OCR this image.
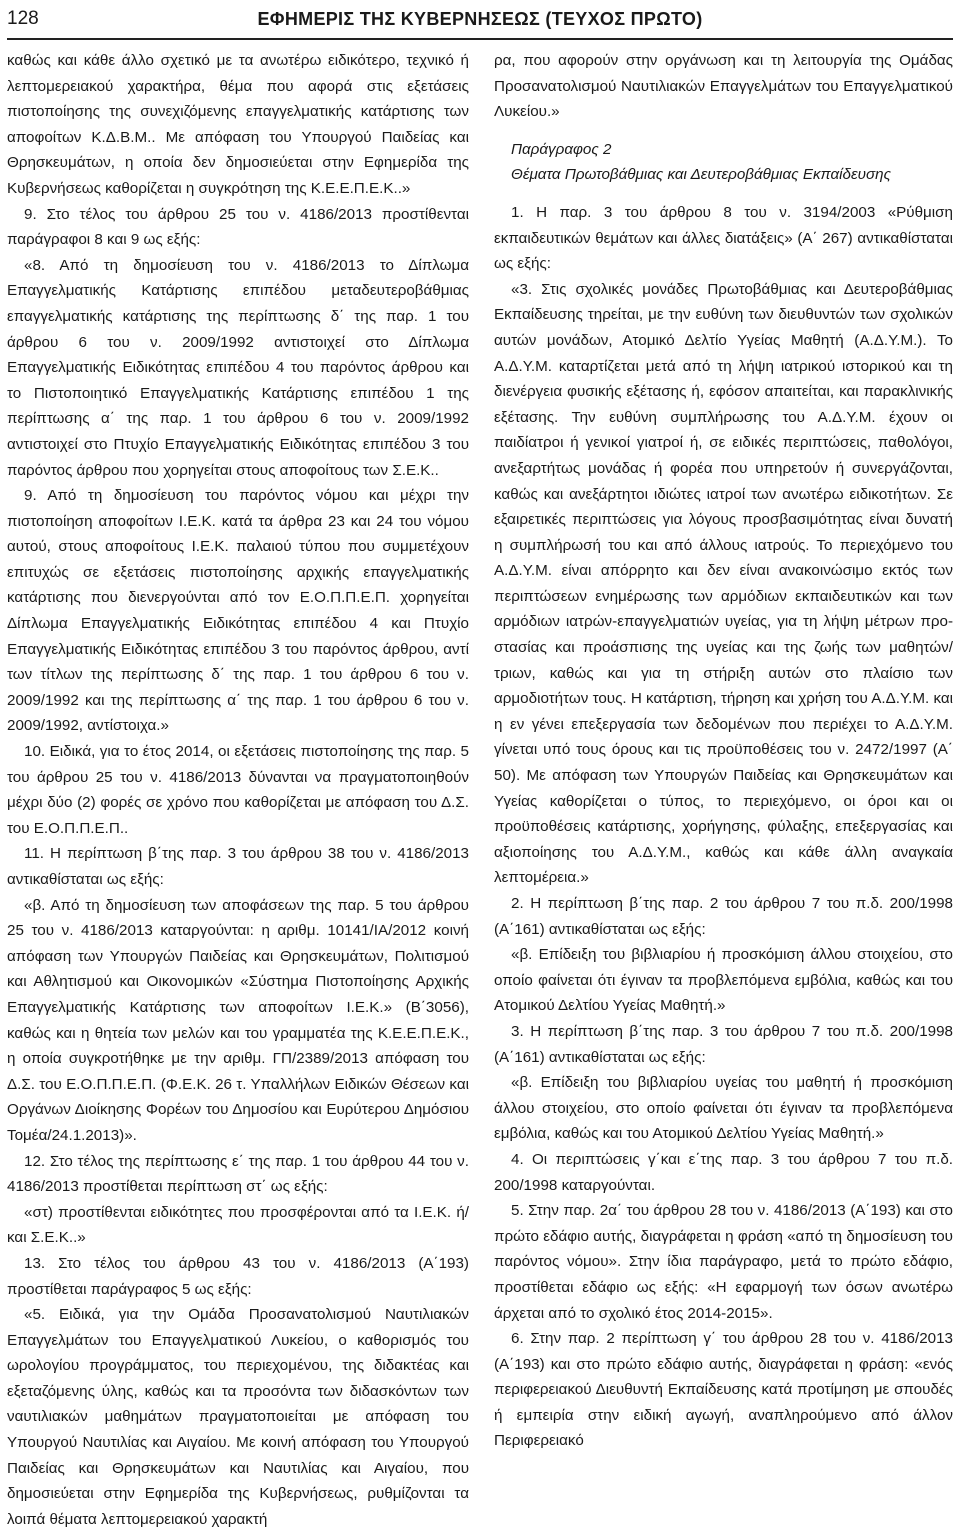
128	ΕΦΗΜΕΡΙΣ ΤΗΣ ΚΥΒΕΡΝΗΣΕΩΣ (ΤΕΥΧΟΣ ΠΡΩΤΟ)

καθώς και κάθε άλλο σχετικό με τα ανωτέρω ειδικότερο, τεχνικό ή λεπτομερειακού χαρακτήρα, θέμα που αφορά στις εξετάσεις πιστοποίησης της συνεχιζόμενης επαγγελματικής κατάρτισης των αποφοίτων Κ.Δ.Β.Μ.. Με απόφαση του Υπουργού Παιδείας και Θρησκευμάτων, η οποία δεν δημοσιεύεται στην Εφημερίδα της Κυβερνήσεως καθορίζεται η συγκρότηση της Κ.Ε.Ε.Π.Ε.Κ..»

9. Στο τέλος του άρθρου 25 του ν. 4186/2013 προστίθενται παράγραφοι 8 και 9 ως εξής:

«8. Από τη δημοσίευση του ν. 4186/2013 το Δίπλωμα Επαγγελματικής Κατάρτισης επιπέδου μεταδευτεροβάθμιας επαγγελματικής κατάρτισης της περίπτωσης δ΄ της παρ. 1 του άρθρου 6 του ν. 2009/1992 αντιστοιχεί στο Δίπλωμα Επαγγελματικής Ειδικότητας επιπέδου 4 του παρόντος άρθρου και το Πιστοποιητικό Επαγγελματικής Κατάρτισης επιπέδου 1 της περίπτωσης α΄ της παρ. 1 του άρθρου 6 του ν. 2009/1992 αντιστοιχεί στο Πτυχίο Επαγγελματικής Ειδικότητας επιπέδου 3 του παρόντος άρθρου που χορηγείται στους αποφοίτους των Σ.Ε.Κ..

9. Από τη δημοσίευση του παρόντος νόμου και μέχρι την πιστοποίηση αποφοίτων Ι.Ε.Κ. κατά τα άρθρα 23 και 24 του νόμου αυτού, στους αποφοίτους Ι.Ε.Κ. παλαιού τύπου που συμμετέχουν επιτυχώς σε εξετάσεις πιστοποίησης αρχικής επαγγελματικής κατάρτισης που διενεργούνται από τον Ε.Ο.Π.Π.Ε.Π. χορηγείται Δίπλωμα Επαγγελματικής Ειδικότητας επιπέδου 4 και Πτυχίο Επαγγελματικής Ειδικότητας επιπέδου 3 του παρόντος άρθρου, αντί των τίτλων της περίπτωσης δ΄ της παρ. 1 του άρθρου 6 του ν. 2009/1992 και της περίπτωσης α΄ της παρ. 1 του άρθρου 6 του ν. 2009/1992, αντίστοιχα.»

10. Ειδικά, για το έτος 2014, οι εξετάσεις πιστοποίησης της παρ. 5 του άρθρου 25 του ν. 4186/2013 δύνανται να πραγματοποιηθούν μέχρι δύο (2) φορές σε χρόνο που καθορίζεται με απόφαση του Δ.Σ. του Ε.Ο.Π.Π.Ε.Π..

11. Η περίπτωση β΄της παρ. 3 του άρθρου 38 του ν. 4186/2013 αντικαθίσταται ως εξής:

«β. Από τη δημοσίευση των αποφάσεων της παρ. 5 του άρθρου 25 του ν. 4186/2013 καταργούνται: η αριθμ. 10141/ΙΑ/2012 κοινή απόφαση των Υπουργών Παιδείας και Θρησκευμάτων, Πολιτισμού και Αθλητισμού και Οικονομικών «Σύστημα Πιστοποίησης Αρχικής Επαγγελματικής Κατάρτισης των αποφοίτων Ι.Ε.Κ.» (Β΄3056), καθώς και η θητεία των μελών και του γραμματέα της Κ.Ε.Ε.Π.Ε.Κ., η οποία συγκροτήθηκε με την αριθμ. ΓΠ/2389/2013 απόφαση του Δ.Σ. του Ε.Ο.Π.Π.Ε.Π. (Φ.Ε.Κ. 26 τ. Υπαλλήλων Ειδικών Θέσεων και Οργάνων Διοίκησης Φορέων του Δημοσίου και Ευρύτερου Δημόσιου Τομέα/24.1.2013)».

12. Στο τέλος της περίπτωσης ε΄ της παρ. 1 του άρθρου 44 του ν. 4186/2013 προστίθεται περίπτωση στ΄ ως εξής:

«στ) προστίθενται ειδικότητες που προσφέρονται από τα Ι.Ε.Κ. ή/και Σ.Ε.Κ..»

13. Στο τέλος του άρθρου 43 του ν. 4186/2013 (Α΄193) προστίθεται παράγραφος 5 ως εξής:

«5. Ειδικά, για την Ομάδα Προσανατολισμού Ναυτιλιακών Επαγγελμάτων του Επαγγελματικού Λυκείου, ο καθορισμός του ωρολογίου προγράμματος, του περιεχομένου, της διδακτέας και εξεταζόμενης ύλης, καθώς και τα προσόντα των διδασκόντων των ναυτιλιακών μαθημάτων πραγματοποιείται με απόφαση του Υπουργού Ναυτιλίας και Αιγαίου. Με κοινή απόφαση του Υπουργού Παιδείας και Θρησκευμάτων και Ναυτιλίας και Αιγαίου, που δημοσιεύεται στην Εφημερίδα της Κυβερνήσεως, ρυθμίζονται τα λοιπά θέματα λεπτομερειακού χαρακτή

ρα, που αφορούν στην οργάνωση και τη λειτουργία της Ομάδας Προσανατολισμού Ναυτιλιακών Επαγγελμάτων του Επαγγελματικού Λυκείου.»

Παράγραφος 2

Θέματα Πρωτοβάθμιας και Δευτεροβάθμιας Εκπαίδευσης

1. Η παρ. 3 του άρθρου 8 του ν. 3194/2003 «Ρύθμιση εκπαιδευτικών θεμάτων και άλλες διατάξεις» (Α΄ 267) αντικαθίσταται ως εξής:

«3. Στις σχολικές μονάδες Πρωτοβάθμιας και Δευτεροβάθμιας Εκπαίδευσης τηρείται, με την ευθύνη των διευθυντών των σχολικών αυτών μονάδων, Ατομικό Δελτίο Υγείας Μαθητή (Α.Δ.Υ.Μ.). Το Α.Δ.Υ.Μ. καταρτίζεται μετά από τη λήψη ιατρικού ιστορικού και τη διενέργεια φυσικής εξέτασης ή, εφόσον απαιτείται, και παρακλινικής εξέτασης. Την ευθύνη συμπλήρωσης του Α.Δ.Υ.Μ. έχουν οι παιδίατροι ή γενικοί γιατροί ή, σε ειδικές περιπτώσεις, παθολόγοι, ανεξαρτήτως μονάδας ή φορέα που υπηρετούν ή συνεργάζονται, καθώς και ανεξάρτητοι ιδιώτες ιατροί των ανωτέρω ειδικοτήτων. Σε εξαιρετικές περιπτώσεις για λόγους προσβασιμότητας είναι δυνατή η συμπλήρωσή του και από άλλους ιατρούς. Το περιεχόμενο του Α.Δ.Υ.Μ. είναι απόρρητο και δεν είναι ανακοινώσιμο εκτός των περιπτώσεων ενημέρωσης των αρμόδιων εκπαιδευτικών και των αρμόδιων ιατρών-επαγγελματιών υγείας, για τη λήψη μέτρων προστασίας και προάσπισης της υγείας και της ζωής των μαθητών/τριων, καθώς και για τη στήριξη αυτών στο πλαίσιο των αρμοδιοτήτων τους. Η κατάρτιση, τήρηση και χρήση του Α.Δ.Υ.Μ. και η εν γένει επεξεργασία των δεδομένων που περιέχει το Α.Δ.Υ.Μ. γίνεται υπό τους όρους και τις προϋποθέσεις του ν. 2472/1997 (Α΄ 50). Με απόφαση των Υπουργών Παιδείας και Θρησκευμάτων και Υγείας καθορίζεται ο τύπος, το περιεχόμενο, οι όροι και οι προϋποθέσεις κατάρτισης, χορήγησης, φύλαξης, επεξεργασίας και αξιοποίησης του Α.Δ.Υ.Μ., καθώς και κάθε άλλη αναγκαία λεπτομέρεια.»

2. Η περίπτωση β΄της παρ. 2 του άρθρου 7 του π.δ. 200/1998 (Α΄161) αντικαθίσταται ως εξής:

«β. Επίδειξη του βιβλιαρίου ή προσκόμιση άλλου στοιχείου, στο οποίο φαίνεται ότι έγιναν τα προβλεπόμενα εμβόλια, καθώς και του Ατομικού Δελτίου Υγείας Μαθητή.»

3. Η περίπτωση β΄της παρ. 3 του άρθρου 7 του π.δ. 200/1998 (Α΄161) αντικαθίσταται ως εξής:

«β. Επίδειξη του βιβλιαρίου υγείας του μαθητή ή προσκόμιση άλλου στοιχείου, στο οποίο φαίνεται ότι έγιναν τα προβλεπόμενα εμβόλια, καθώς και του Ατομικού Δελτίου Υγείας Μαθητή.»

4. Οι περιπτώσεις γ΄και ε΄της παρ. 3 του άρθρου 7 του π.δ. 200/1998 καταργούνται.

5. Στην παρ. 2α΄ του άρθρου 28 του ν. 4186/2013 (Α΄193) και στο πρώτο εδάφιο αυτής, διαγράφεται η φράση «από τη δημοσίευση του παρόντος νόμου». Στην ίδια παράγραφο, μετά το πρώτο εδάφιο, προστίθεται εδάφιο ως εξής: «Η εφαρμογή των όσων ανωτέρω άρχεται από το σχολικό έτος 2014-2015».

6. Στην παρ. 2 περίπτωση γ΄ του άρθρου 28 του ν. 4186/2013 (Α΄193) και στο πρώτο εδάφιο αυτής, διαγράφεται η φράση: «ενός περιφερειακού Διευθυντή Εκπαίδευσης κατά προτίμηση με σπουδές ή εμπειρία στην ειδική αγωγή, αναπληρούμενο από άλλον Περιφερειακό
